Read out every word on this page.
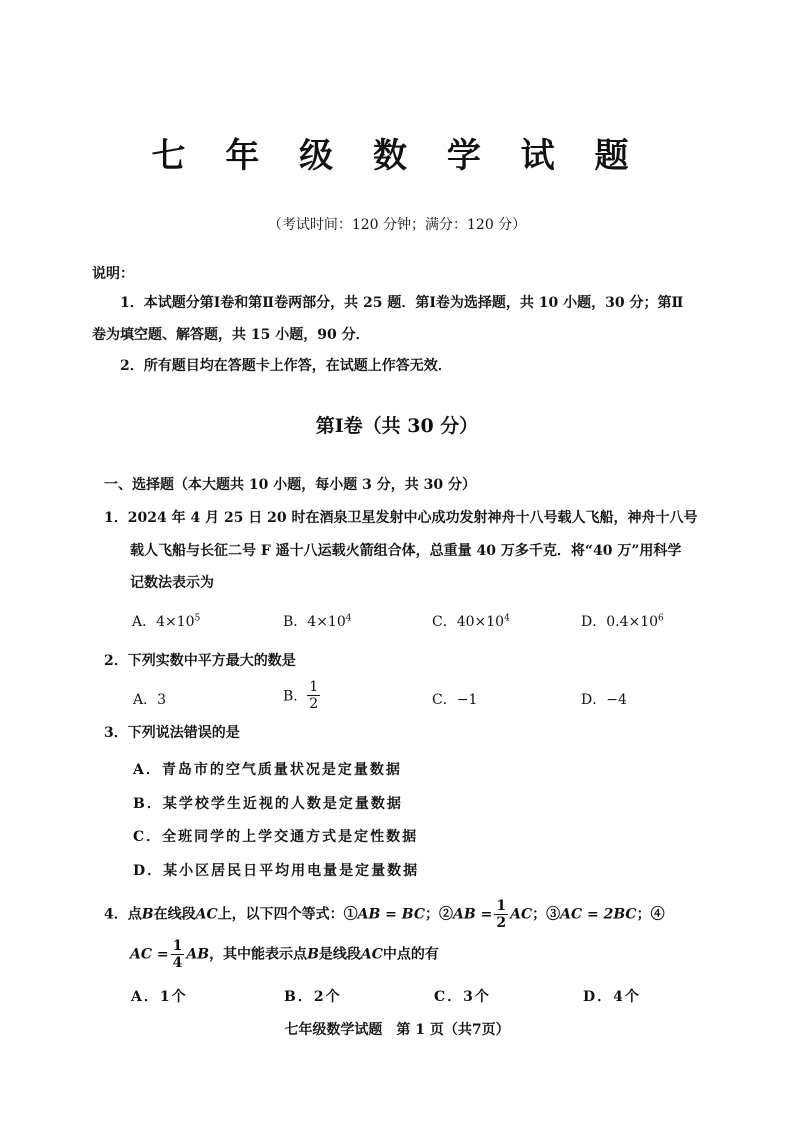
七 年 级 数 学 试 题
（考试时间：120 分钟；满分：120 分）
说明：
1．本试题分第Ⅰ卷和第Ⅱ卷两部分，共 25 题．第Ⅰ卷为选择题，共 10 小题，30 分；第Ⅱ
卷为填空题、解答题，共 15 小题，90 分．
2．所有题目均在答题卡上作答，在试题上作答无效．
第Ⅰ卷（共 30 分）
一、选择题（本大题共 10 小题，每小题 3 分，共 30 分）
1．2024 年 4 月 25 日 20 时在酒泉卫星发射中心成功发射神舟十八号载人飞船，神舟十八号
载人飞船与长征二号 F 遥十八运载火箭组合体，总重量 40 万多千克．将“40 万”用科学
记数法表示为
A．$4\times 10^5$	B．$4\times 10^4$	C．$40\times 10^4$	D．$0.4\times 10^6$
2．下列实数中平方最大的数是
A．3	B． $\frac{1}{2}$	C．−1	D．−4
3．下列说法错误的是
A．青岛市的空气质量状况是定量数据
B．某学校学生近视的人数是定量数据
C．全班同学的上学交通方式是定性数据
D．某小区居民日平均用电量是定量数据
4．点B在线段AC上，以下四个等式：①AB = BC；②AB = $\frac{1}{2}$ AC；③AC = 2BC；④
AC = $\frac{1}{4}$ AB，其中能表示点B是线段AC中点的有
A．1个	B．2个	C．3个	D．4个
七年级数学试题　第 1 页（共7页）
